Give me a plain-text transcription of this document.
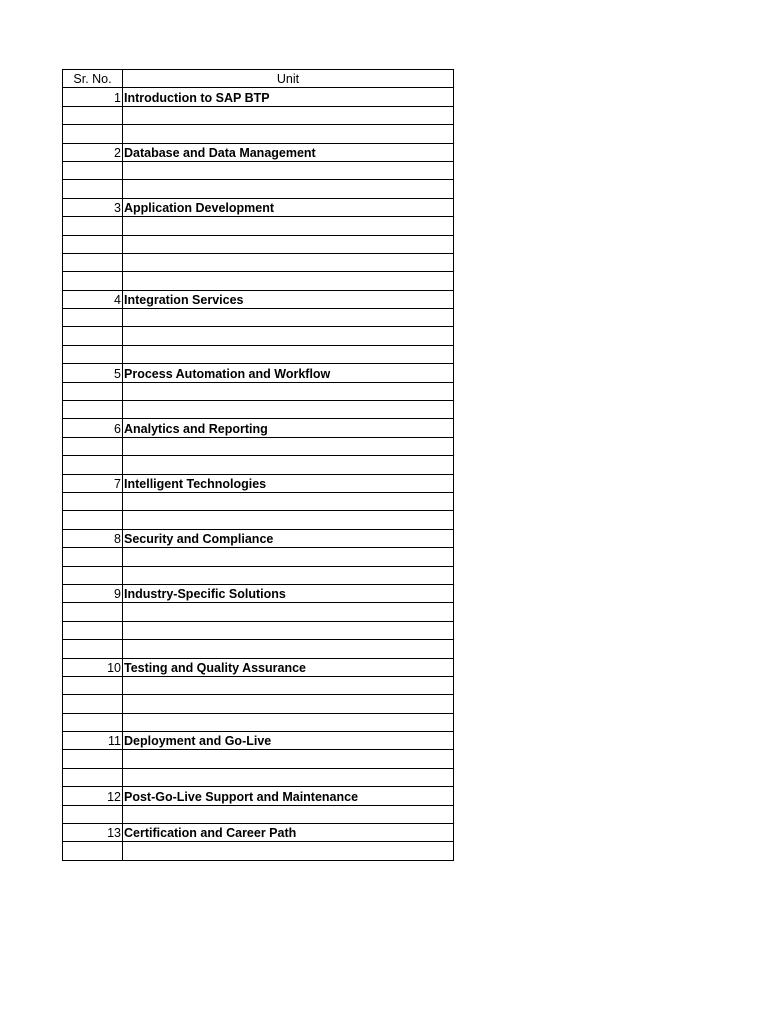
Sr. No.	Unit
1	Introduction to SAP BTP

2	Database and Data Management

3	Application Development

4	Integration Services

5	Process Automation and Workflow

6	Analytics and Reporting

7	Intelligent Technologies

8	Security and Compliance

9	Industry-Specific Solutions

10	Testing and Quality Assurance

11	Deployment and Go-Live

12	Post-Go-Live Support and Maintenance

13	Certification and Career Path
